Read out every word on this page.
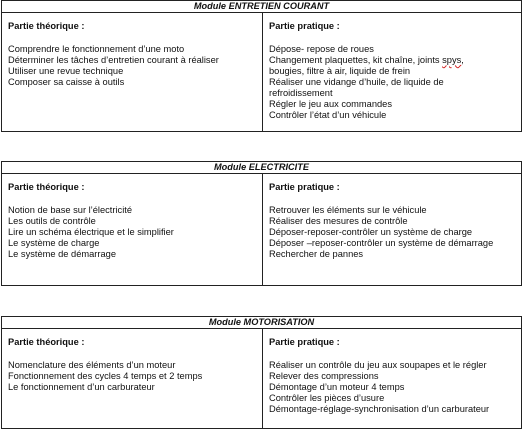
Module ENTRETIEN COURANT
Partie théorique :
Comprendre le fonctionnement d’une moto
Déterminer les tâches d’entretien courant à réaliser
Utiliser une revue technique
Composer sa caisse à outils
Partie pratique :
Dépose- repose de roues
Changement plaquettes, kit chaîne, joints spys,
bougies, filtre à air, liquide de frein
Réaliser une vidange d’huile, de liquide de refroidissement
Régler le jeu aux commandes
Contrôler l’état d’un véhicule
Module ELECTRICITE
Partie théorique :
Notion de base sur l’électricité
Les outils de contrôle
Lire un schéma électrique et le simplifier
Le système de charge
Le système de démarrage
Partie pratique :
Retrouver les éléments sur le véhicule
Réaliser des mesures de contrôle
Déposer-reposer-contrôler un système de charge
Déposer –reposer-contrôler un système de démarrage
Rechercher de pannes
Module MOTORISATION
Partie théorique :
Nomenclature des éléments d’un moteur
Fonctionnement des cycles 4 temps et 2 temps
Le fonctionnement d’un carburateur
Partie pratique :
Réaliser un contrôle du jeu aux soupapes et le régler
Relever des compressions
Démontage d’un moteur 4 temps
Contrôler les pièces d’usure
Démontage-réglage-synchronisation d’un carburateur
